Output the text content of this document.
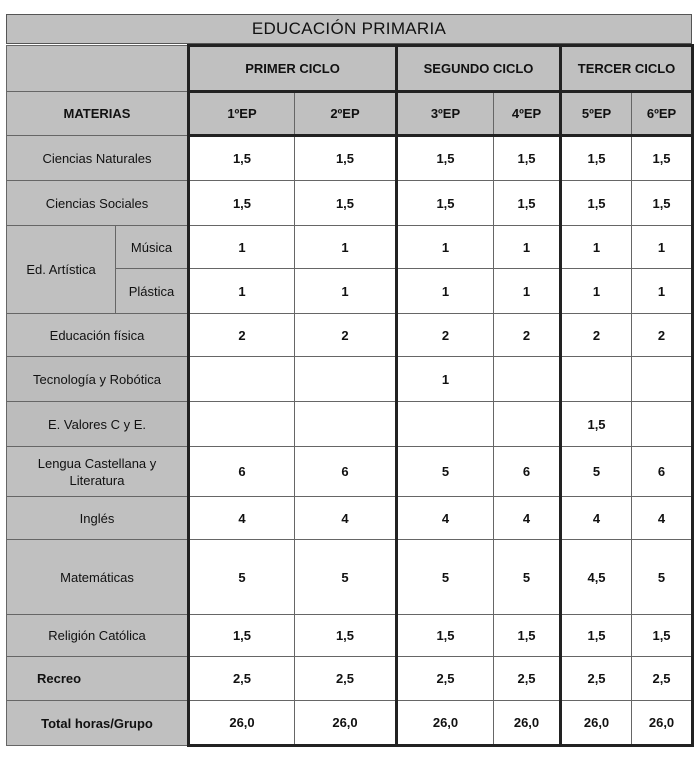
EDUCACIÓN PRIMARIA
		PRIMER CICLO		SEGUNDO CICLO		TERCER CICLO	
MATERIAS		1ºEP	2ºEP	3ºEP	4ºEP	5ºEP	6ºEP
Ciencias Naturales		1,5	1,5	1,5	1,5	1,5	1,5
Ciencias Sociales		1,5	1,5	1,5	1,5	1,5	1,5
Ed. Artística	Música	1	1	1	1	1	1
	Plástica	1	1	1	1	1	1
Educación física		2	2	2	2	2	2
Tecnología y Robótica				1			
E. Valores C y E.						1,5	
Lengua Castellana y Literatura		6	6	5	6	5	6
Inglés		4	4	4	4	4	4
Matemáticas		5	5	5	5	4,5	5
Religión Católica		1,5	1,5	1,5	1,5	1,5	1,5
Recreo		2,5	2,5	2,5	2,5	2,5	2,5
Total horas/Grupo		26,0	26,0	26,0	26,0	26,0	26,0
